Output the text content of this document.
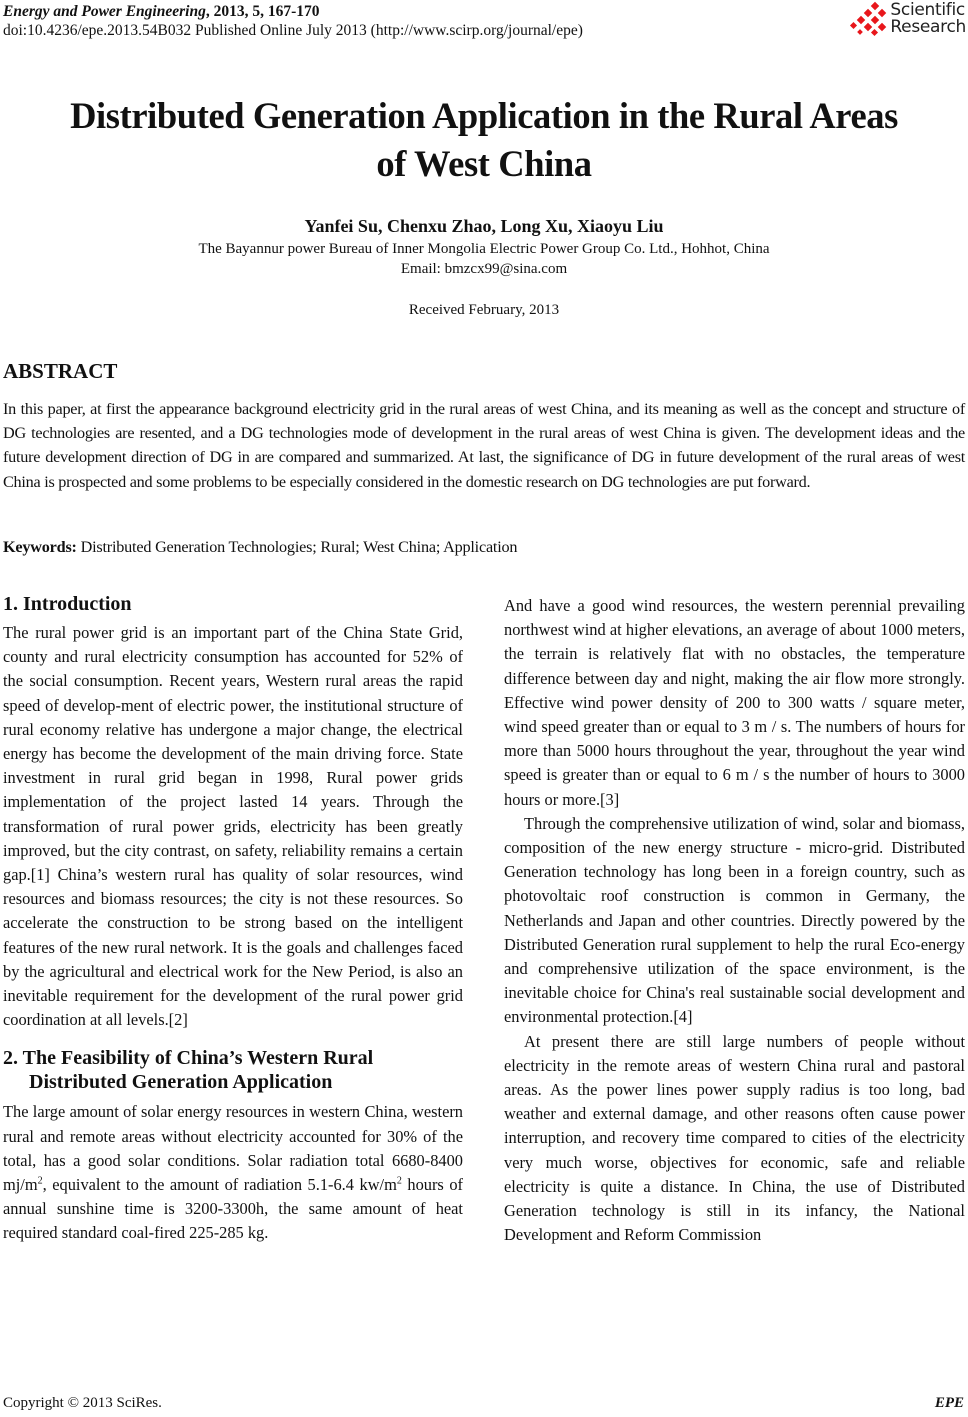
Energy and Power Engineering, 2013, 5, 167-170
doi:10.4236/epe.2013.54B032 Published Online July 2013 (http://www.scirp.org/journal/epe)
Scientific
Research
Distributed Generation Application in the Rural Areas
of West China
Yanfei Su, Chenxu Zhao, Long Xu, Xiaoyu Liu
The Bayannur power Bureau of Inner Mongolia Electric Power Group Co. Ltd., Hohhot, China
Email: bmzcx99@sina.com
Received February, 2013
ABSTRACT
In this paper, at first the appearance background electricity grid in the rural areas of west China, and its meaning as well as the concept and structure of DG technologies are resented, and a DG technologies mode of development in the rural areas of west China is given. The development ideas and the future development direction of DG in are compared and summarized. At last, the significance of DG in future development of the rural areas of west China is prospected and some problems to be especially considered in the domestic research on DG technologies are put forward.
Keywords: Distributed Generation Technologies; Rural; West China; Application
1. Introduction

The rural power grid is an important part of the China State Grid, county and rural electricity consumption has accounted for 52% of the social consumption. Recent years, Western rural areas the rapid speed of develop-ment of electric power, the institutional structure of rural economy relative has undergone a major change, the electrical energy has become the development of the main driving force. State investment in rural grid began in 1998, Rural power grids implementation of the project lasted 14 years. Through the transformation of rural power grids, electricity has been greatly improved, but the city contrast, on safety, reliability remains a certain gap.[1] China’s western rural has quality of solar resources, wind resources and biomass resources; the city is not these resources. So accelerate the construction to be strong based on the intelligent features of the new rural network. It is the goals and challenges faced by the agricultural and electrical work for the New Period, is also an inevitable requirement for the development of the rural power grid coordination at all levels.[2]

2. The Feasibility of China’s Western Rural
Distributed Generation Application

The large amount of solar energy resources in western China, western rural and remote areas without electricity accounted for 30% of the total, has a good solar conditions. Solar radiation total 6680-8400 $mj/m^2$, equivalent to the amount of radiation 5.1-6.4 $kw/m^2$ hours of annual sunshine time is 3200-3300h, the same amount of heat required standard coal-fired 225-285 kg.

And have a good wind resources, the western perennial prevailing northwest wind at higher elevations, an average of about 1000 meters, the terrain is relatively flat with no obstacles, the temperature difference between day and night, making the air flow more strongly. Effective wind power density of 200 to 300 watts / square meter, wind speed greater than or equal to 3 m / s. The numbers of hours for more than 5000 hours throughout the year, throughout the year wind speed is greater than or equal to 6 m / s the number of hours to 3000 hours or more.[3]

Through the comprehensive utilization of wind, solar and biomass, composition of the new energy structure - micro-grid. Distributed Generation technology has long been in a foreign country, such as photovoltaic roof construction is common in Germany, the Netherlands and Japan and other countries. Directly powered by the Distributed Generation rural supplement to help the rural Eco-energy and comprehensive utilization of the space environment, is the inevitable choice for China's real sustainable social development and environmental protection.[4]

At present there are still large numbers of people without electricity in the remote areas of western China rural and pastoral areas. As the power lines power supply radius is too long, bad weather and external damage, and other reasons often cause power interruption, and recovery time compared to cities of the electricity very much worse, objectives for economic, safe and reliable electricity is quite a distance. In China, the use of Distributed Generation technology is still in its infancy, the National Development and Reform Commission

Copyright © 2013 SciRes.	EPE
